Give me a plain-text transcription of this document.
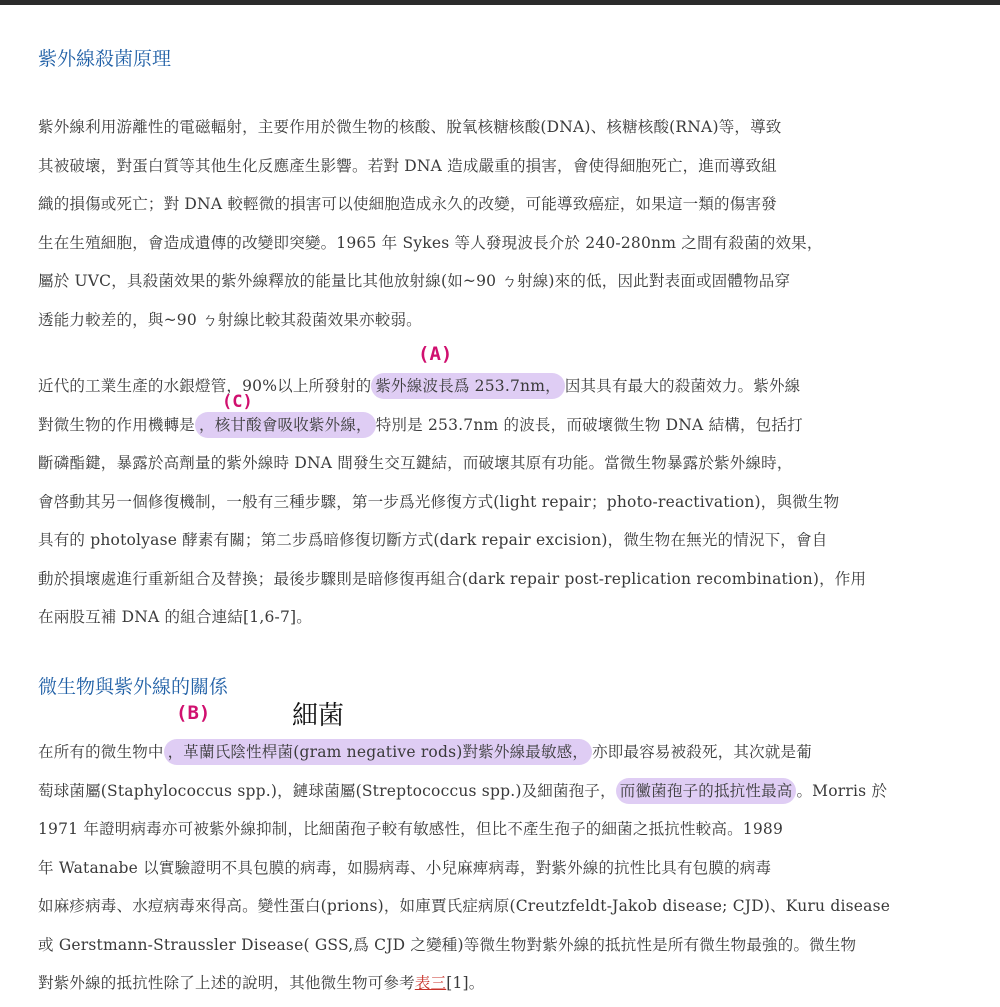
紫外線殺菌原理
紫外線利用游離性的電磁輻射，主要作用於微生物的核酸、脫氧核糖核酸(DNA)、核糖核酸(RNA)等，導致
其被破壞，對蛋白質等其他生化反應產生影響。若對 DNA 造成嚴重的損害，會使得細胞死亡，進而導致組
織的損傷或死亡；對 DNA 較輕微的損害可以使細胞造成永久的改變，可能導致癌症，如果這一類的傷害發
生在生殖細胞，會造成遺傳的改變即突變。1965 年 Sykes 等人發現波長介於 240-280nm 之間有殺菌的效果，
屬於 UVC，具殺菌效果的紫外線釋放的能量比其他放射線(如~90 ㄅ射線)來的低，因此對表面或固體物品穿
透能力較差的，與~90 ㄅ射線比較其殺菌效果亦較弱。
近代的工業生產的水銀燈管，90%以上所發射的 紫外線波長爲 253.7nm， 因其具有最大的殺菌效力。紫外線
對微生物的作用機轉是 ，核甘酸會吸收紫外線， 特別是 253.7nm 的波長，而破壞微生物 DNA 結構，包括打
斷磷酯鍵，暴露於高劑量的紫外線時 DNA 間發生交互鍵結，而破壞其原有功能。當微生物暴露於紫外線時，
會啓動其另一個修復機制，一般有三種步驟，第一步爲光修復方式(light repair；photo-reactivation)，與微生物
具有的 photolyase 酵素有關；第二步爲暗修復切斷方式(dark repair excision)，微生物在無光的情況下，會自
動於損壞處進行重新組合及替換；最後步驟則是暗修復再組合(dark repair post-replication recombination)，作用
在兩股互補 DNA 的組合連結[1,6-7]。
微生物與紫外線的關係
在所有的微生物中 ，革蘭氏陰性桿菌(gram negative rods)對紫外線最敏感， 亦即最容易被殺死，其次就是葡
萄球菌屬(Staphylococcus spp.)，鏈球菌屬(Streptococcus spp.)及細菌孢子， 而黴菌孢子的抵抗性最高 。Morris 於
1971 年證明病毒亦可被紫外線抑制，比細菌孢子較有敏感性，但比不產生孢子的細菌之抵抗性較高。1989
年 Watanabe 以實驗證明不具包膜的病毒，如腸病毒、小兒麻痺病毒，對紫外線的抗性比具有包膜的病毒
如麻疹病毒、水痘病毒來得高。變性蛋白(prions)，如庫賈氏症病原(Creutzfeldt-Jakob disease; CJD)、Kuru disease
或 Gerstmann-Straussler Disease( GSS,爲 CJD 之變種)等微生物對紫外線的抵抗性是所有微生物最強的。微生物
對紫外線的抵抗性除了上述的說明，其他微生物可參考表三[1]。
(A)
(C)
(B)	細菌
